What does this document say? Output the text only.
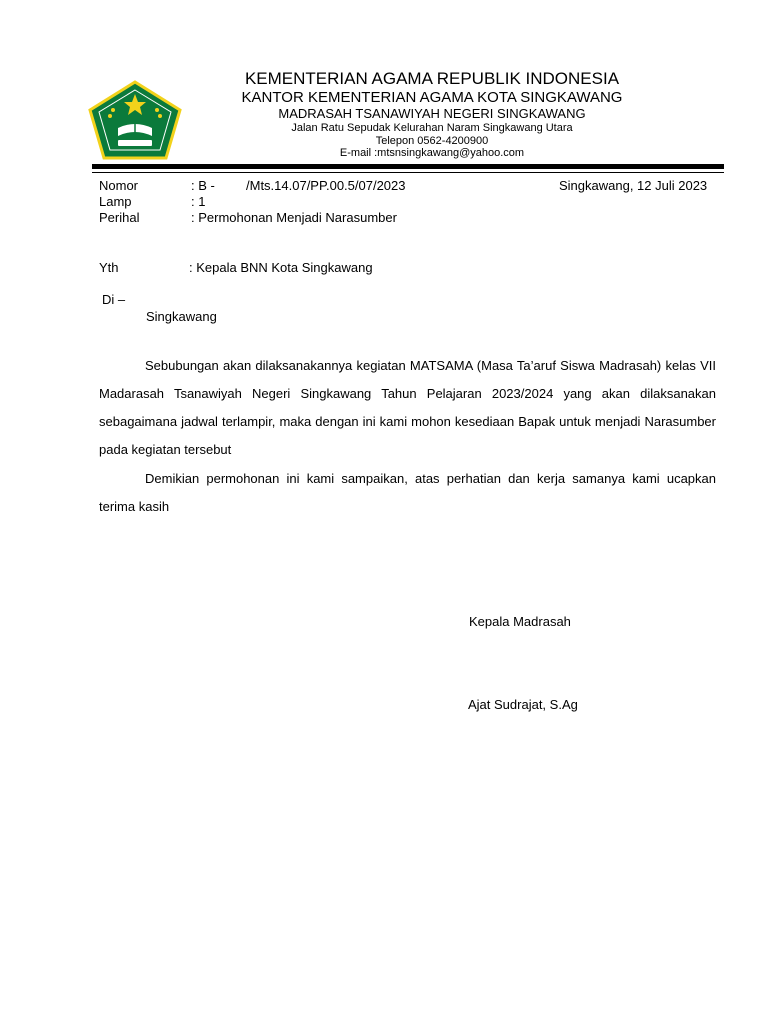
KEMENTERIAN AGAMA REPUBLIK INDONESIA
KANTOR KEMENTERIAN AGAMA KOTA SINGKAWANG
MADRASAH TSANAWIYAH NEGERI SINGKAWANG
Jalan Ratu Sepudak Kelurahan Naram Singkawang Utara
Telepon 0562-4200900
E-mail :mtsnsingkawang@yahoo.com
Nomor	: B - /Mts.14.07/PP.00.5/07/2023	Singkawang, 12 Juli 2023
Lamp	: 1
Perihal	: Permohonan Menjadi Narasumber
Yth	: Kepala BNN Kota Singkawang
Di –
Singkawang

Sebubungan akan dilaksanakannya kegiatan MATSAMA (Masa Ta’aruf Siswa Madrasah) kelas VII Madarasah Tsanawiyah Negeri Singkawang Tahun Pelajaran 2023/2024 yang akan dilaksanakan sebagaimana jadwal terlampir, maka dengan ini kami mohon kesediaan Bapak untuk menjadi Narasumber pada kegiatan tersebut

Demikian permohonan ini kami sampaikan, atas perhatian dan kerja samanya kami ucapkan terima kasih

Kepala Madrasah
Ajat Sudrajat, S.Ag
